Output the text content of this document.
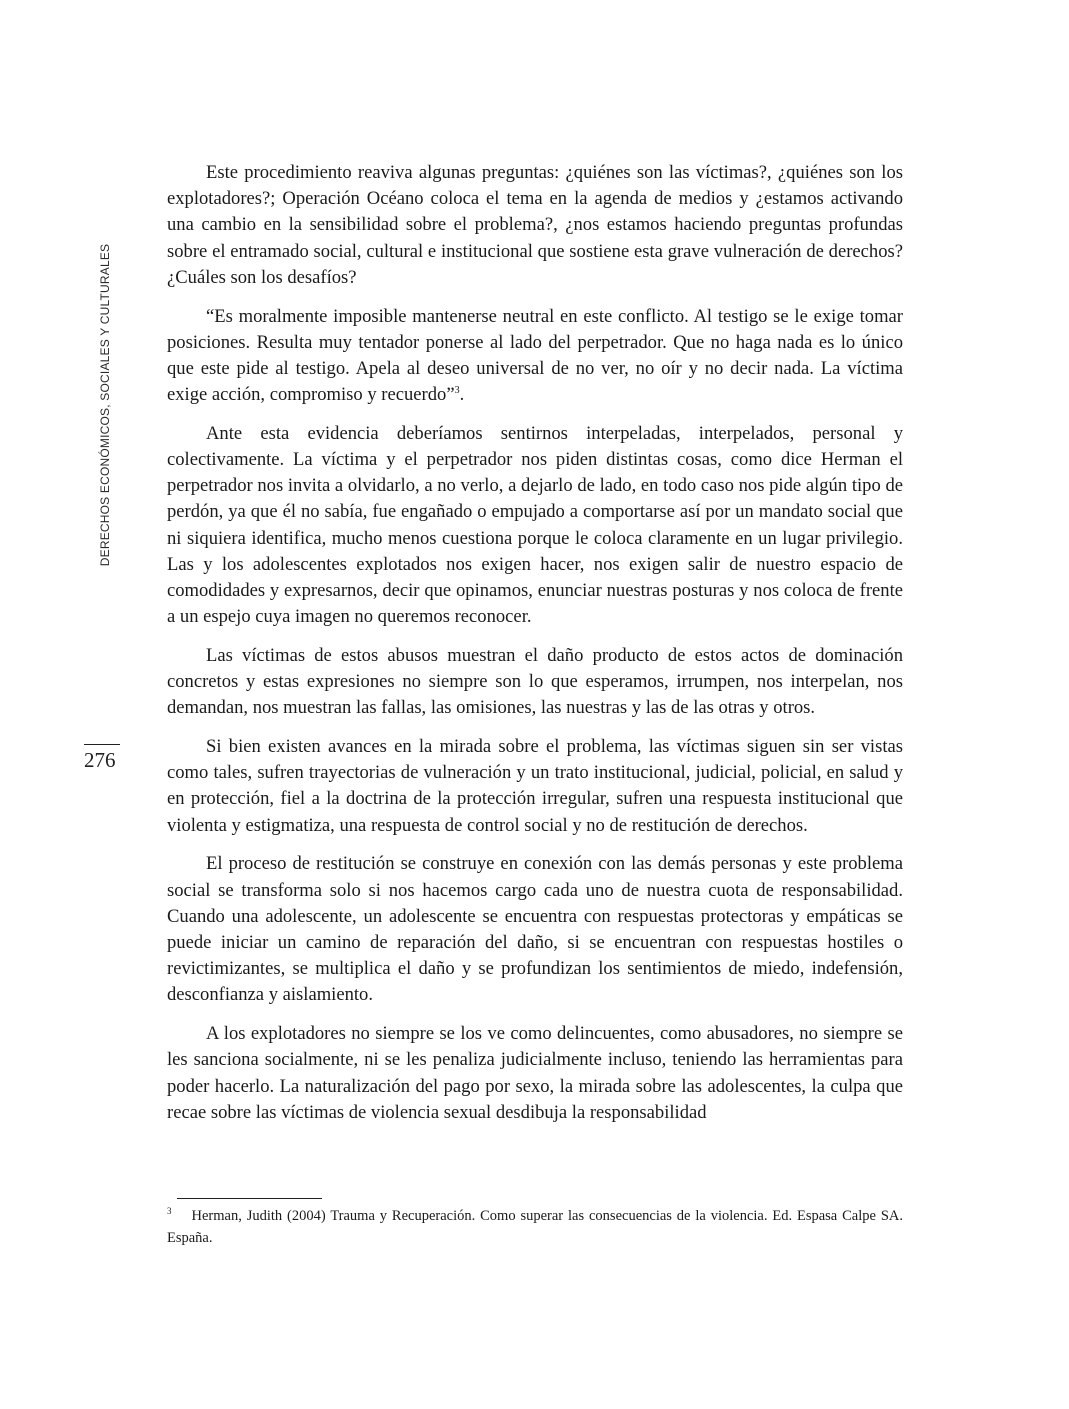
DERECHOS ECONÓMICOS, SOCIALES Y CULTURALES
276

Este procedimiento reaviva algunas preguntas: ¿quiénes son las víctimas?, ¿quiénes son los explotadores?; Operación Océano coloca el tema en la agenda de medios y ¿estamos activando una cambio en la sensibilidad sobre el problema?, ¿nos estamos haciendo preguntas profundas sobre el entramado social, cultural e institucional que sostiene esta grave vulneración de derechos? ¿Cuáles son los desafíos?

“Es moralmente imposible mantenerse neutral en este conflicto. Al testigo se le exige tomar posiciones. Resulta muy tentador ponerse al lado del perpetrador. Que no haga nada es lo único que este pide al testigo. Apela al deseo universal de no ver, no oír y no decir nada. La víctima exige acción, compromiso y recuerdo”$^3$.

Ante esta evidencia deberíamos sentirnos interpeladas, interpelados, personal y colectivamente. La víctima y el perpetrador nos piden distintas cosas, como dice Herman el perpetrador nos invita a olvidarlo, a no verlo, a dejarlo de lado, en todo caso nos pide algún tipo de perdón, ya que él no sabía, fue engañado o empujado a comportarse así por un mandato social que ni siquiera identifica, mucho menos cuestiona porque le coloca claramente en un lugar privilegio. Las y los adolescentes explotados nos exigen hacer, nos exigen salir de nuestro espacio de comodidades y expresarnos, decir que opinamos, enunciar nuestras posturas y nos coloca de frente a un espejo cuya imagen no queremos reconocer.

Las víctimas de estos abusos muestran el daño producto de estos actos de dominación concretos y estas expresiones no siempre son lo que esperamos, irrumpen, nos interpelan, nos demandan, nos muestran las fallas, las omisiones, las nuestras y las de las otras y otros.

Si bien existen avances en la mirada sobre el problema, las víctimas siguen sin ser vistas como tales, sufren trayectorias de vulneración y un trato institucional, judicial, policial, en salud y en protección, fiel a la doctrina de la protección irregular, sufren una respuesta institucional que violenta y estigmatiza, una respuesta de control social y no de restitución de derechos.

El proceso de restitución se construye en conexión con las demás personas y este problema social se transforma solo si nos hacemos cargo cada uno de nuestra cuota de responsabilidad. Cuando una adolescente, un adolescente se encuentra con respuestas protectoras y empáticas se puede iniciar un camino de reparación del daño, si se encuentran con respuestas hostiles o revictimizantes, se multiplica el daño y se profundizan los sentimientos de miedo, indefensión, desconfianza y aislamiento.

A los explotadores no siempre se los ve como delincuentes, como abusadores, no siempre se les sanciona socialmente, ni se les penaliza judicialmente incluso, teniendo las herramientas para poder hacerlo. La naturalización del pago por sexo, la mirada sobre las adolescentes, la culpa que recae sobre las víctimas de violencia sexual desdibuja la responsabilidad

$^3$ Herman, Judith (2004) Trauma y Recuperación. Como superar las consecuencias de la violencia. Ed. Espasa Calpe SA. España.
